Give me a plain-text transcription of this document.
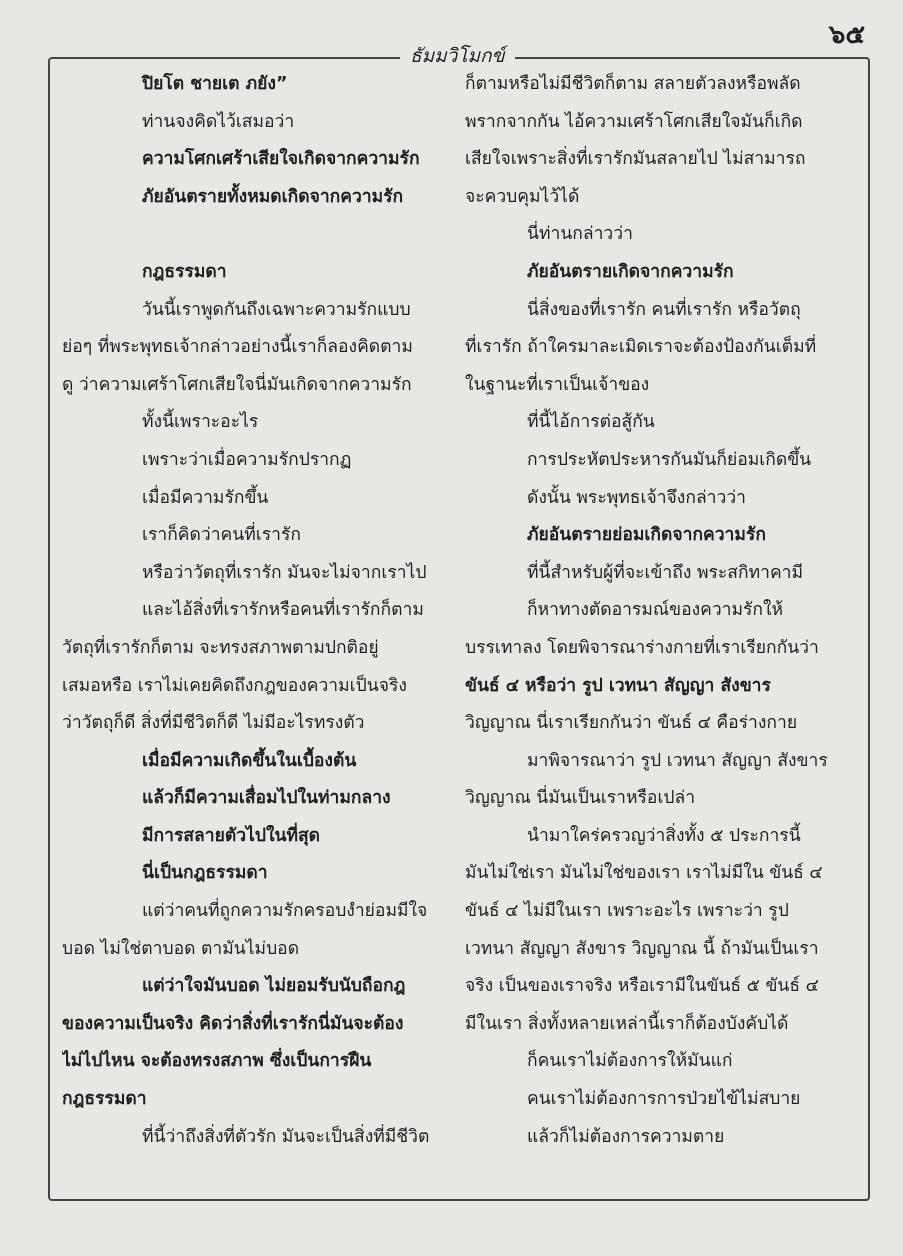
๖๕
ธัมมวิโมกข์
ปิยโต ชายเต ภยัง”
ท่านจงคิดไว้เสมอว่า
ความโศกเศร้าเสียใจเกิดจากความรัก
ภัยอันตรายทั้งหมดเกิดจากความรัก
กฎธรรมดา
วันนี้เราพูดกันถึงเฉพาะความรักแบบ
ย่อๆ ที่พระพุทธเจ้ากล่าวอย่างนี้เราก็ลองคิดตาม
ดู ว่าความเศร้าโศกเสียใจนี่มันเกิดจากความรัก
ทั้งนี้เพราะอะไร
เพราะว่าเมื่อความรักปรากฏ
เมื่อมีความรักขึ้น
เราก็คิดว่าคนที่เรารัก
หรือว่าวัตถุที่เรารัก มันจะไม่จากเราไป
และไอ้สิ่งที่เรารักหรือคนที่เรารักก็ตาม
วัตถุที่เรารักก็ตาม จะทรงสภาพตามปกติอยู่
เสมอหรือ เราไม่เคยคิดถึงกฎของความเป็นจริง
ว่าวัตถุก็ดี สิ่งที่มีชีวิตก็ดี ไม่มีอะไรทรงตัว
เมื่อมีความเกิดขึ้นในเบื้องต้น
แล้วก็มีความเสื่อมไปในท่ามกลาง
มีการสลายตัวไปในที่สุด
นี่เป็นกฎธรรมดา
แต่ว่าคนที่ถูกความรักครอบงำย่อมมีใจ
บอด ไม่ใช่ตาบอด ตามันไม่บอด
แต่ว่าใจมันบอด ไม่ยอมรับนับถือกฎ
ของความเป็นจริง คิดว่าสิ่งที่เรารักนี่มันจะต้อง
ไม่ไปไหน จะต้องทรงสภาพ ซึ่งเป็นการฝืน
กฎธรรมดา
ที่นี้ว่าถึงสิ่งที่ตัวรัก มันจะเป็นสิ่งที่มีชีวิต
ก็ตามหรือไม่มีชีวิตก็ตาม สลายตัวลงหรือพลัด
พรากจากกัน ไอ้ความเศร้าโศกเสียใจมันก็เกิด
เสียใจเพราะสิ่งที่เรารักมันสลายไป ไม่สามารถ
จะควบคุมไว้ได้
นี่ท่านกล่าวว่า
ภัยอันตรายเกิดจากความรัก
นี่สิ่งของที่เรารัก คนที่เรารัก หรือวัตถุ
ที่เรารัก ถ้าใครมาละเมิดเราจะต้องป้องกันเต็มที่
ในฐานะที่เราเป็นเจ้าของ
ที่นี้ไอ้การต่อสู้กัน
การประหัตประหารกันมันก็ย่อมเกิดขึ้น
ดังนั้น พระพุทธเจ้าจึงกล่าวว่า
ภัยอันตรายย่อมเกิดจากความรัก
ที่นี้สำหรับผู้ที่จะเข้าถึง พระสกิทาคามี
ก็หาทางตัดอารมณ์ของความรักให้
บรรเทาลง โดยพิจารณาร่างกายที่เราเรียกกันว่า
ขันธ์ ๔ หรือว่า รูป เวทนา สัญญา สังขาร
วิญญาณ นี่เราเรียกกันว่า ขันธ์ ๔ คือร่างกาย
มาพิจารณาว่า รูป เวทนา สัญญา สังขาร
วิญญาณ นี่มันเป็นเราหรือเปล่า
นำมาใคร่ครวญว่าสิ่งทั้ง ๕ ประการนี้
มันไม่ใช่เรา มันไม่ใช่ของเรา เราไม่มีใน ขันธ์ ๔
ขันธ์ ๔ ไม่มีในเรา เพราะอะไร เพราะว่า รูป
เวทนา สัญญา สังขาร วิญญาณ นี้ ถ้ามันเป็นเรา
จริง เป็นของเราจริง หรือเรามีในขันธ์ ๕ ขันธ์ ๔
มีในเรา สิ่งทั้งหลายเหล่านี้เราก็ต้องบังคับได้
ก็คนเราไม่ต้องการให้มันแก่
คนเราไม่ต้องการการป่วยไข้ไม่สบาย
แล้วก็ไม่ต้องการความตาย
